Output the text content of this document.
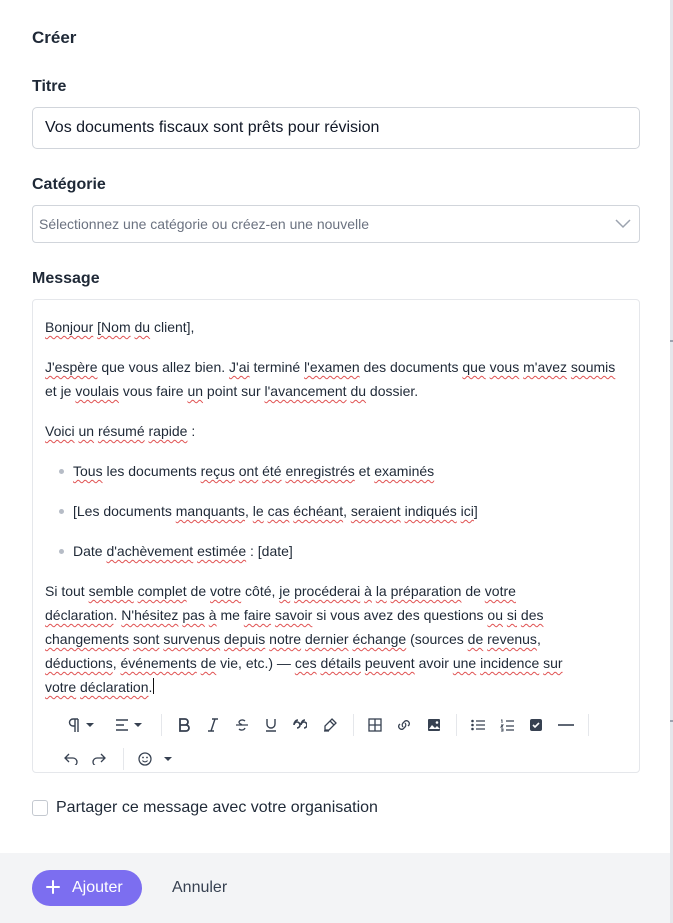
Créer
Titre
Vos documents fiscaux sont prêts pour révision
Catégorie
Sélectionnez une catégorie ou créez-en une nouvelle
Message

Bonjour [Nom du client],

J'espère que vous allez bien. J'ai terminé l'examen des documents que vous m'avez soumis et je voulais vous faire un point sur l'avancement du dossier.

Voici un résumé rapide :

Tous les documents reçus ont été enregistrés et examinés
[Les documents manquants, le cas échéant, seraient indiqués ici]
Date d'achèvement estimée : [date]

Si tout semble complet de votre côté, je procéderai à la préparation de votre
déclaration. N'hésitez pas à me faire savoir si vous avez des questions ou si des
changements sont survenus depuis notre dernier échange (sources de revenus,
déductions, événements de vie, etc.) — ces détails peuvent avoir une incidence sur
votre déclaration.

Partager ce message avec votre organisation
Ajouter	Annuler
